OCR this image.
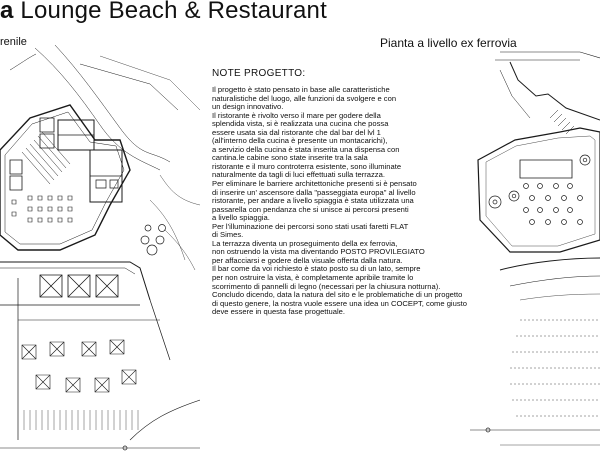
a Lounge Beach & Restaurant
renile	Pianta a livello ex ferrovia
NOTE PROGETTO:
Il progetto è stato pensato in base alle caratteristiche
naturalistiche del luogo, alle funzioni da svolgere e con
un design innovativo.
Il ristorante è rivolto verso il mare per godere della
splendida vista, si è realizzata una cucina che possa
essere usata sia dal ristorante che dal bar del lvl 1
(all'interno della cucina è presente un montacarichi),
a servizio della cucina è stata inserita una dispensa con
cantina.le cabine sono state inserite tra la sala
ristorante e il muro controterra esistente, sono illuminate
naturalmente da tagli di luci effettuati sulla terrazza.
Per eliminare le barriere architettoniche presenti si è pensato
di inserire un' ascensore dalla "passeggiata europa" al livello
ristorante, per andare a livello spiaggia è stata utilizzata una
passarella con pendanza che si unisce ai percorsi presenti
a livello spiaggia.
Per l'illuminazione dei percorsi sono stati usati faretti FLAT
di Simes.
La terrazza diventa un proseguimento della ex ferrovia,
non ostruendo la vista ma diventando POSTO PROVILEGIATO
per affacciarsi e godere della visuale offerta dalla natura.
Il bar come da voi richiesto è stato posto su di un lato, sempre
per non ostruire la vista, è completamente apribile tramite lo
scorrimento di pannelli di legno (necessari per la chiusura notturna).
Concludo dicendo, data la natura del sito e le problematiche di un progetto
di questo genere, la nostra vuole essere una idea un COCEPT, come giusto
deve essere in questa fase progettuale.
